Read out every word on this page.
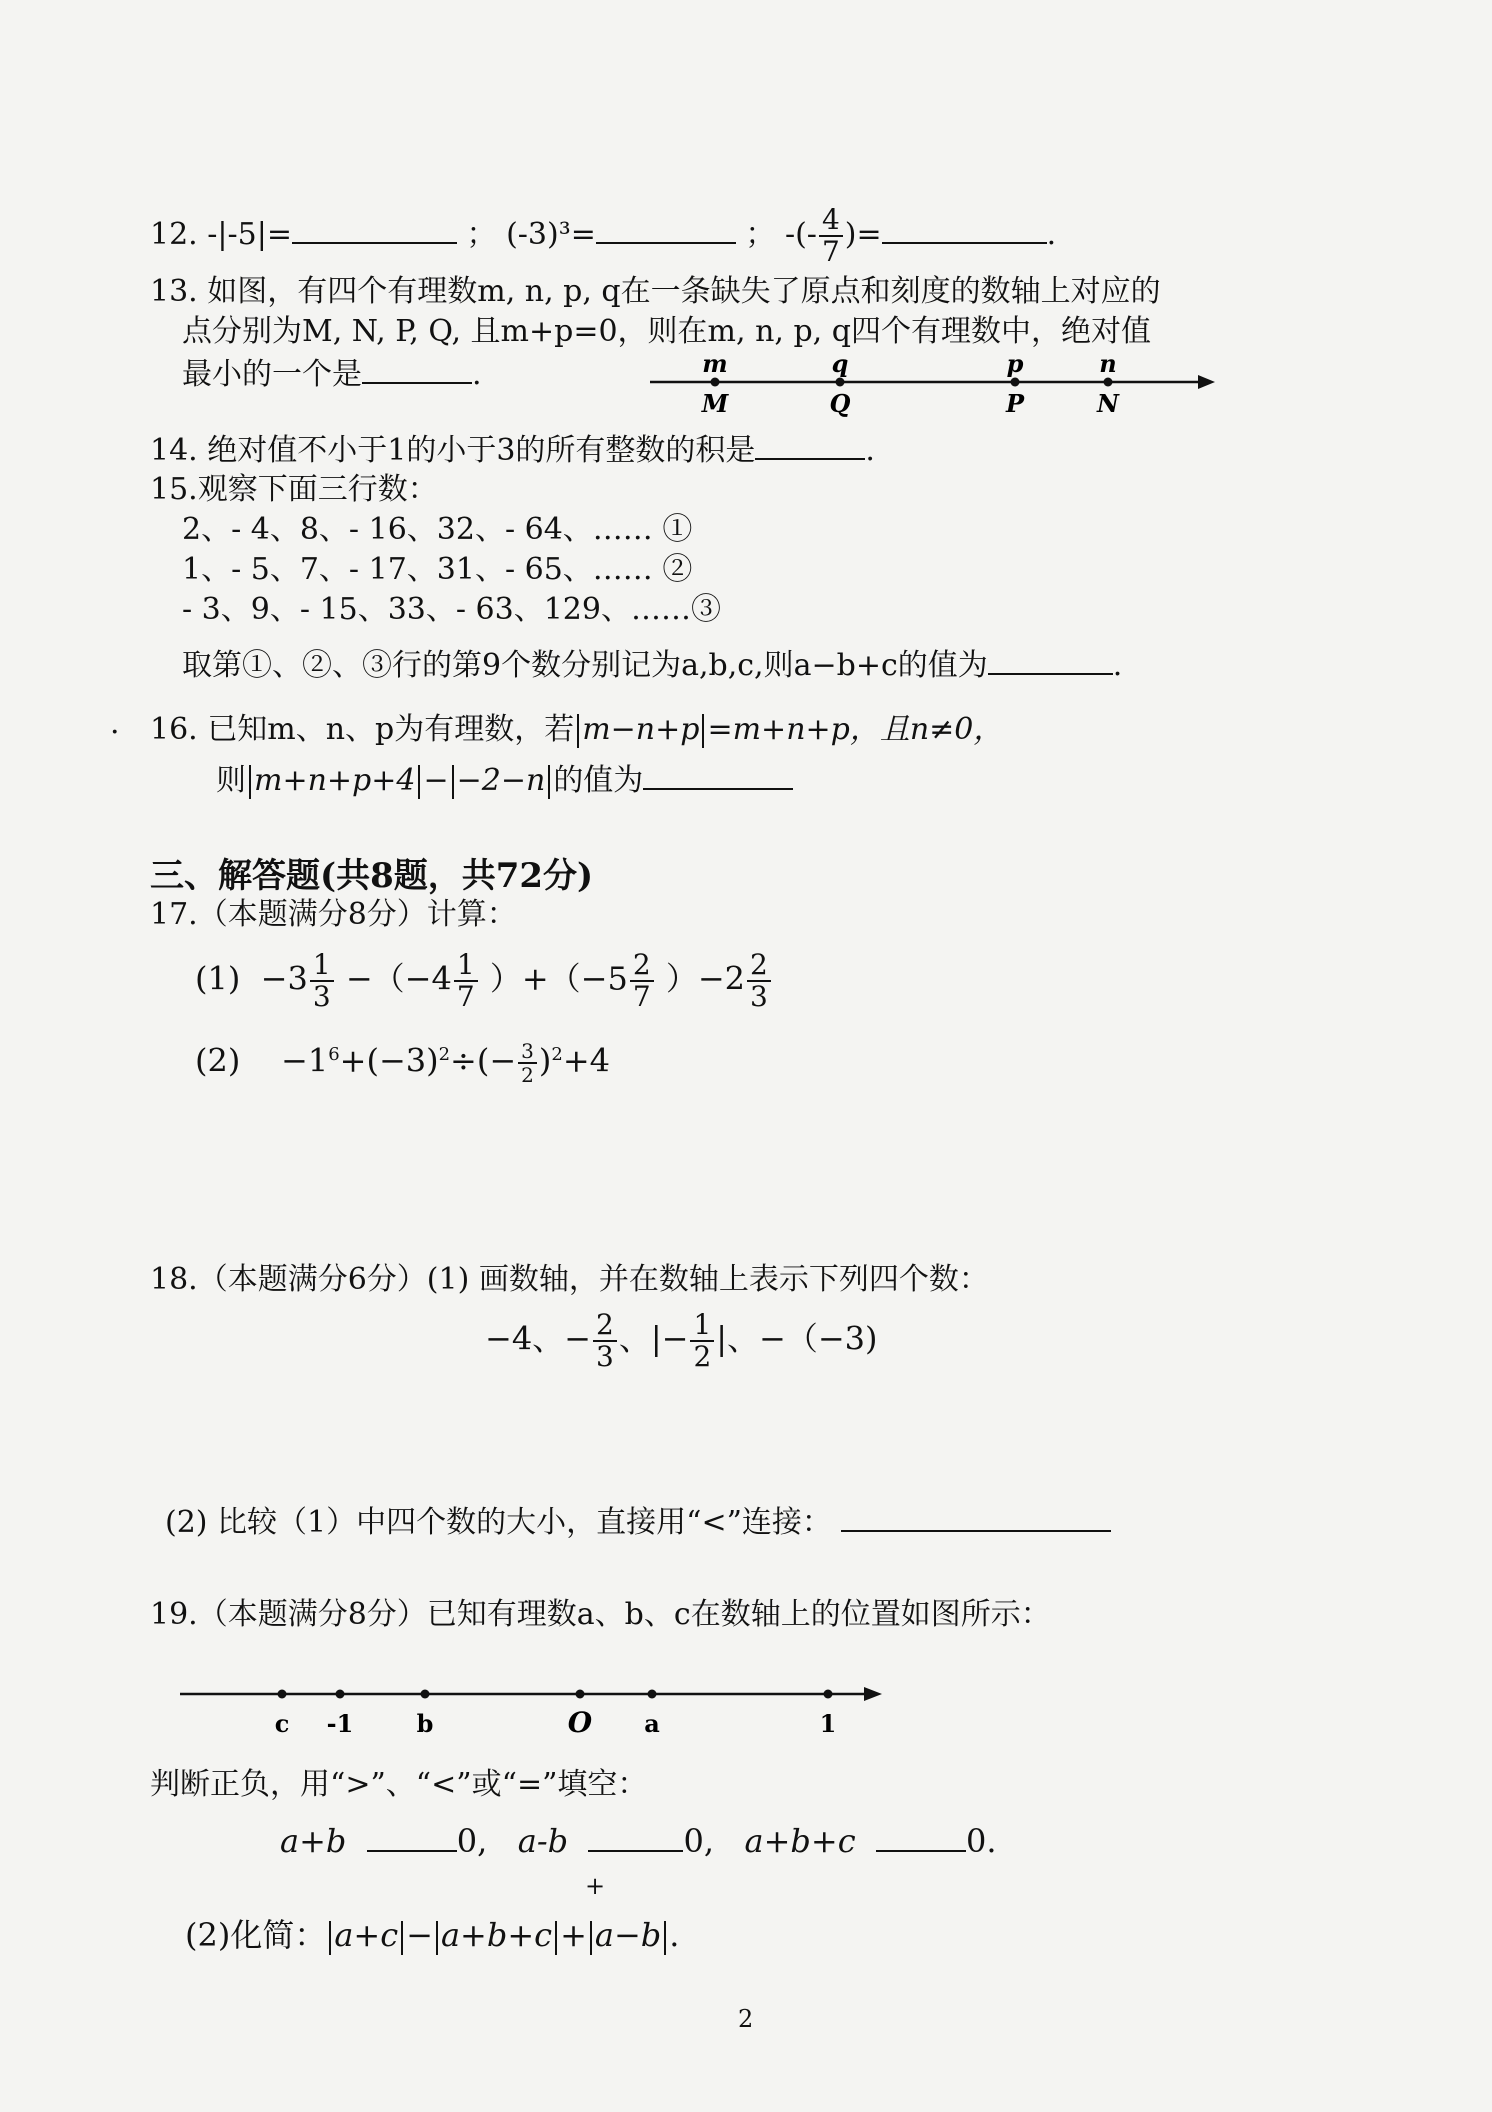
12. -|-5|=	； (-3)³=	； -(- $\frac{4}{7}$ )=	.
13. 如图，有四个有理数m, n, p, q在一条缺失了原点和刻度的数轴上对应的
点分别为M, N, P, Q, 且m+p=0，则在m, n, p, q四个有理数中，绝对值
最小的一个是	.	m
M
q
Q
p
P
n
N
14. 绝对值不小于1的小于3的所有整数的积是	.
15.观察下面三行数：
2、- 4、8、- 16、32、- 64、…… ①
1、- 5、7、- 17、31、- 65、…… ②
- 3、9、- 15、33、- 63、129、……③
取第①、②、③行的第9个数分别记为a,b,c,则a−b+c的值为	.
· 16. 已知m、n、p为有理数，若 m−n+p =m+n+p，且n≠0，
则 m+n+p+4 − −2−n 的值为
三、解答题(共8题，共72分)
17.（本题满分8分）计算：
$(1) -3 \frac{1}{3} -(-4 \frac{1}{7} )+(-5 \frac{2}{7} )-2 \frac{2}{3}$
$(2) -1^6+(-3)^2\div(- \frac{3}{2} )^2+4$
18.（本题满分6分）(1) 画数轴，并在数轴上表示下列四个数：
−4、− $\frac{2}{3}$ 、|− $\frac{1}{2}$ |、−（−3)
(2) 比较（1）中四个数的大小，直接用“<”连接：
19.（本题满分8分）已知有理数a、b、c在数轴上的位置如图所示：
c -1	b	O a	1
判断正负，用“>”、“<”或“=”填空：
a+b	0, a-b	0, a+b+c	0.
+
(2)化简： a+c − a+b+c + a−b .
2
